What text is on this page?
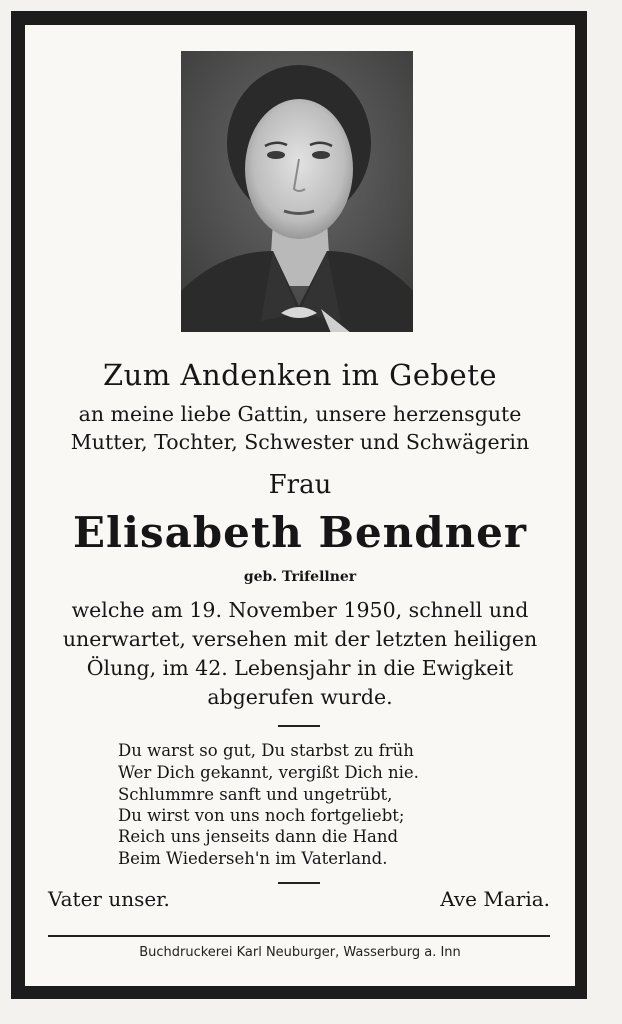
Zum Andenken im Gebete
an meine liebe Gattin, unsere herzensgute
Mutter, Tochter, Schwester und Schwägerin
Frau
Elisabeth Bendner
geb. Trifellner
welche am 19. November 1950, schnell und
unerwartet, versehen mit der letzten heiligen
Ölung, im 42. Lebensjahr in die Ewigkeit
abgerufen wurde.
Du warst so gut, Du starbst zu früh
Wer Dich gekannt, vergißt Dich nie.
Schlummre sanft und ungetrübt,
Du wirst von uns noch fortgeliebt;
Reich uns jenseits dann die Hand
Beim Wiederseh'n im Vaterland.
Vater unser.	Ave Maria.
Buchdruckerei Karl Neuburger, Wasserburg a. Inn
